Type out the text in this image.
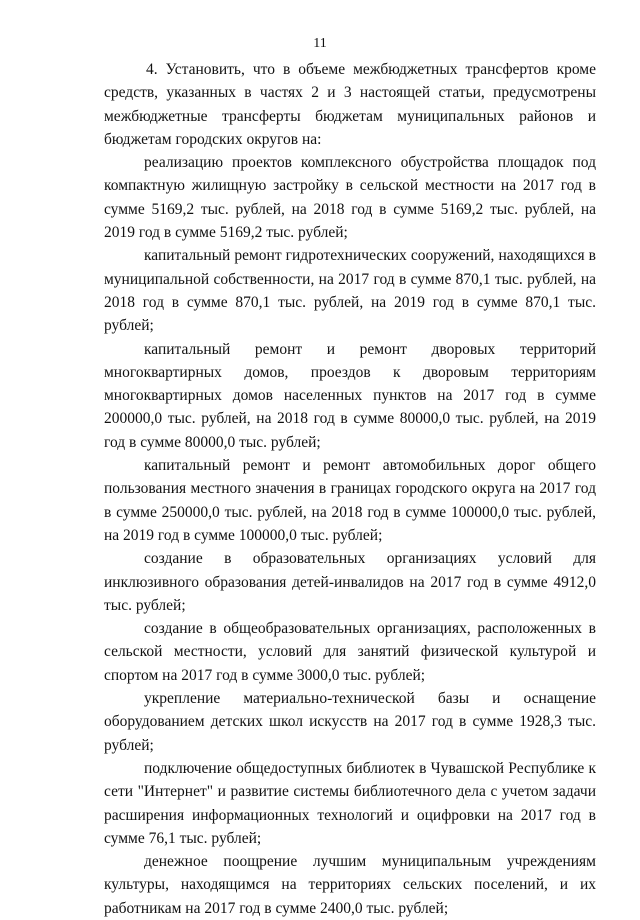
11

4. Установить, что в объеме межбюджетных трансфертов кроме средств, указанных в частях 2 и 3 настоящей статьи, предусмотрены межбюджетные трансферты бюджетам муниципальных районов и бюджетам городских округов на:

реализацию проектов комплексного обустройства площадок под компактную жилищную застройку в сельской местности на 2017 год в сумме 5169,2 тыс. рублей, на 2018 год в сумме 5169,2 тыс. рублей, на 2019 год в сумме 5169,2 тыс. рублей;

капитальный ремонт гидротехнических сооружений, находящихся в муниципальной собственности, на 2017 год в сумме 870,1 тыс. рублей, на 2018 год в сумме 870,1 тыс. рублей, на 2019 год в сумме 870,1 тыс. рублей;

капитальный ремонт и ремонт дворовых территорий многоквартирных домов, проездов к дворовым территориям многоквартирных домов населенных пунктов на 2017 год в сумме 200000,0 тыс. рублей, на 2018 год в сумме 80000,0 тыс. рублей, на 2019 год в сумме 80000,0 тыс. рублей;

капитальный ремонт и ремонт автомобильных дорог общего пользования местного значения в границах городского округа на 2017 год в сумме 250000,0 тыс. рублей, на 2018 год в сумме 100000,0 тыс. рублей, на 2019 год в сумме 100000,0 тыс. рублей;

создание в образовательных организациях условий для инклюзивного образования детей-инвалидов на 2017 год в сумме 4912,0 тыс. рублей;

создание в общеобразовательных организациях, расположенных в сельской местности, условий для занятий физической культурой и спортом на 2017 год в сумме 3000,0 тыс. рублей;

укрепление материально-технической базы и оснащение оборудованием детских школ искусств на 2017 год в сумме 1928,3 тыс. рублей;

подключение общедоступных библиотек в Чувашской Республике к сети "Интернет" и развитие системы библиотечного дела с учетом задачи расширения информационных технологий и оцифровки на 2017 год в сумме 76,1 тыс. рублей;

денежное поощрение лучшим муниципальным учреждениям культуры, находящимся на территориях сельских поселений, и их работникам на 2017 год в сумме 2400,0 тыс. рублей;
